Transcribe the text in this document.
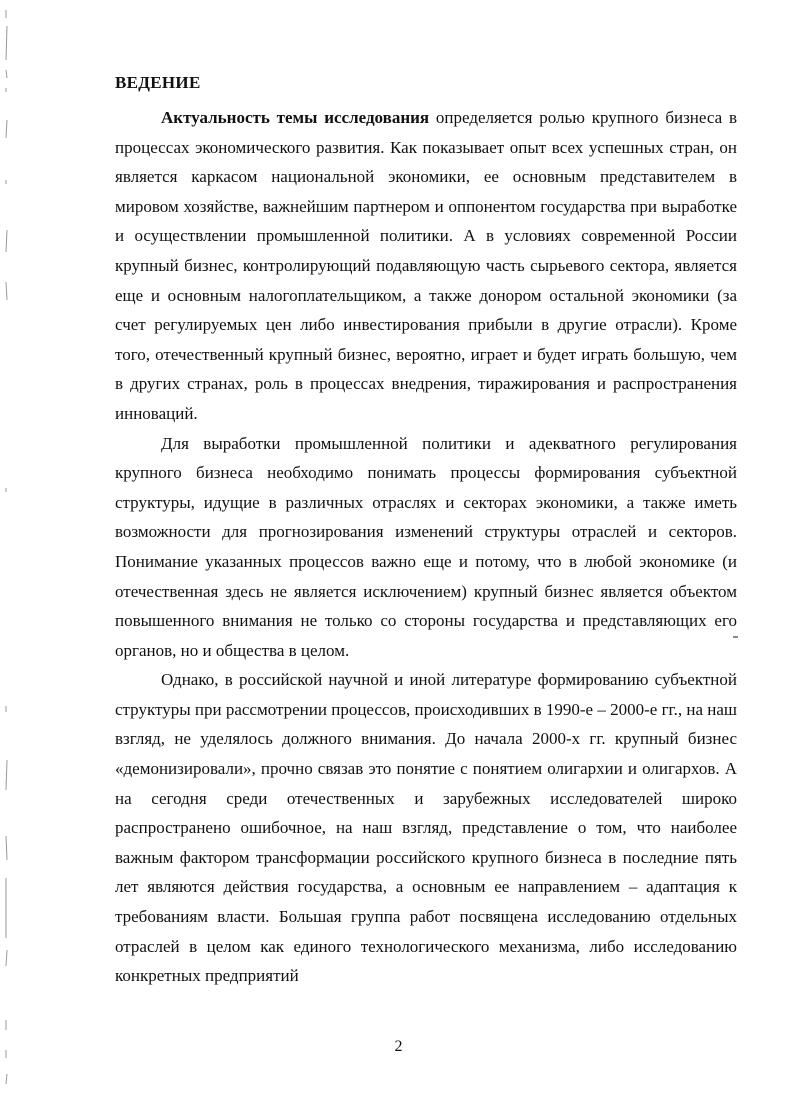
ВЕДЕНИЕ

Актуальность темы исследования определяется ролью крупного бизнеса в процессах экономического развития. Как показывает опыт всех успешных стран, он является каркасом национальной экономики, ее основным представителем в мировом хозяйстве, важнейшим партнером и оппонентом государства при выработке и осуществлении промышленной политики. А в условиях современной России крупный бизнес, контролирующий подавляющую часть сырьевого сектора, является еще и основным налогоплательщиком, а также донором остальной экономики (за счет регулируемых цен либо инвестирования прибыли в другие отрасли). Кроме того, отечественный крупный бизнес, вероятно, играет и будет играть большую, чем в других странах, роль в процессах внедрения, тиражирования и распространения инноваций.

Для выработки промышленной политики и адекватного регулирования крупного бизнеса необходимо понимать процессы формирования субъектной структуры, идущие в различных отраслях и секторах экономики, а также иметь возможности для прогнозирования изменений структуры отраслей и секторов. Понимание указанных процессов важно еще и потому, что в любой экономике (и отечественная здесь не является исключением) крупный бизнес является объектом повышенного внимания не только со стороны государства и представляющих его органов, но и общества в целом.

Однако, в российской научной и иной литературе формированию субъектной структуры при рассмотрении процессов, происходивших в 1990-е – 2000-е гг., на наш взгляд, не уделялось должного внимания. До начала 2000-х гг. крупный бизнес «демонизировали», прочно связав это понятие с понятием олигархии и олигархов. А на сегодня среди отечественных и зарубежных исследователей широко распространено ошибочное, на наш взгляд, представление о том, что наиболее важным фактором трансформации российского крупного бизнеса в последние пять лет являются действия государства, а основным ее направлением – адаптация к требованиям власти. Большая группа работ посвящена исследованию отдельных отраслей в целом как единого технологического механизма, либо исследованию конкретных предприятий

2
